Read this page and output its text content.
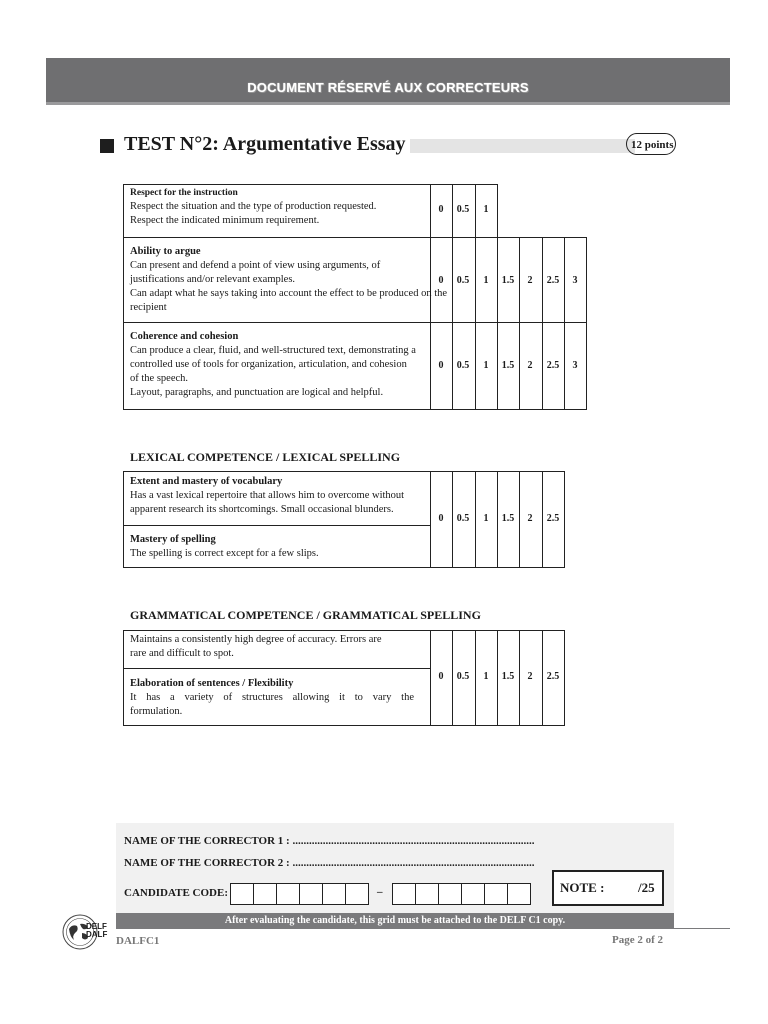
DOCUMENT RÉSERVÉ AUX CORRECTEURS
TEST N°2: Argumentative Essay	12 points
Respect for the instruction
Respect the situation and the type of production requested.
Respect the indicated minimum requirement.
0	0.5	1
Ability to argue
Can present and defend a point of view using arguments, of
justifications and/or relevant examples.
Can adapt what he says taking into account the effect to be produced on the
recipient
0	0.5	1	1.5	2	2.5	3
Coherence and cohesion
Can produce a clear, fluid, and well-structured text, demonstrating a
controlled use of tools for organization, articulation, and cohesion
of the speech.
Layout, paragraphs, and punctuation are logical and helpful.
0	0.5	1	1.5	2	2.5	3
LEXICAL COMPETENCE / LEXICAL SPELLING
Extent and mastery of vocabulary
Has a vast lexical repertoire that allows him to overcome without
apparent research its shortcomings. Small occasional blunders.
Mastery of spelling
The spelling is correct except for a few slips.
0	0.5	1	1.5	2	2.5
GRAMMATICAL COMPETENCE / GRAMMATICAL SPELLING
Maintains a consistently high degree of accuracy. Errors are
rare and difficult to spot.
Elaboration of sentences / Flexibility
It has a variety of structures allowing it to vary the
formulation.
0	0.5	1	1.5	2	2.5
NAME OF THE CORRECTOR 1 : ........................................................................................
NAME OF THE CORRECTOR 2 : ........................................................................................
CANDIDATE CODE:	–	NOTE :	/25
After evaluating the candidate, this grid must be attached to the DELF C1 copy.
DELF
DALF
DALFC1	Page 2 of 2
